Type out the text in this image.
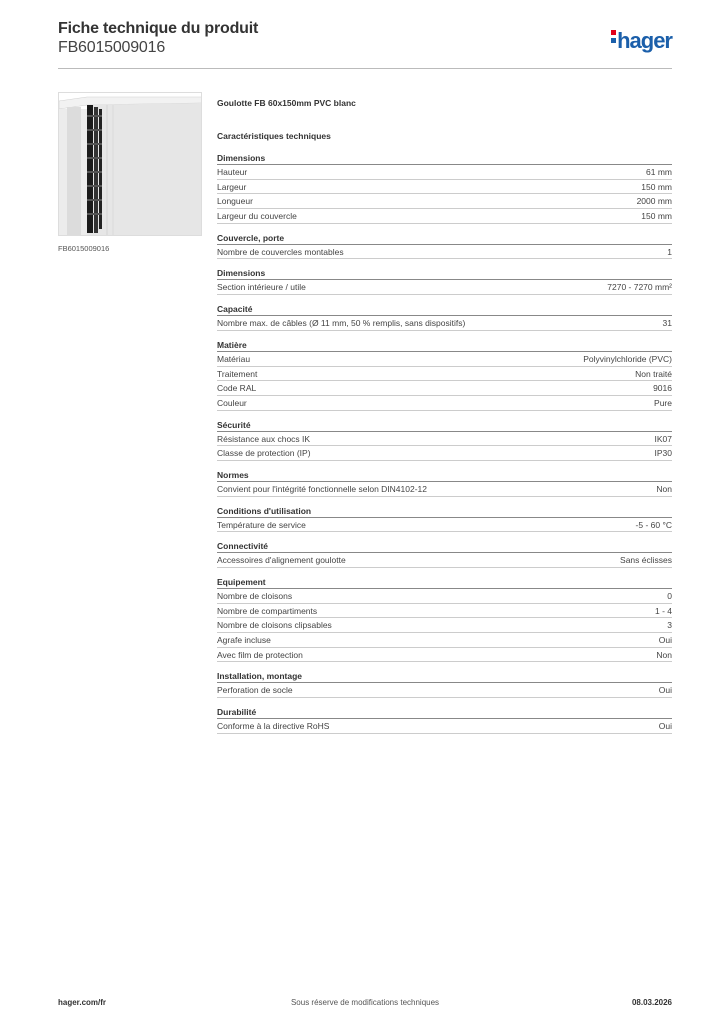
Fiche technique du produit
FB6015009016	hager
FB6015009016
Goulotte FB 60x150mm PVC blanc
Caractéristiques techniques
Dimensions
Hauteur	61 mm
Largeur	150 mm
Longueur	2000 mm
Largeur du couvercle	150 mm
Couvercle, porte
Nombre de couvercles montables	1
Dimensions
Section intérieure / utile	7270 - 7270 mm²
Capacité
Nombre max. de câbles (Ø 11 mm, 50 % remplis, sans dispositifs)	31
Matière
Matériau	Polyvinylchloride (PVC)
Traitement	Non traité
Code RAL	9016
Couleur	Pure
Sécurité
Résistance aux chocs IK	IK07
Classe de protection (IP)	IP30
Normes
Convient pour l'intégrité fonctionnelle selon DIN4102-12	Non
Conditions d'utilisation
Température de service	-5 - 60 °C
Connectivité
Accessoires d'alignement goulotte	Sans éclisses
Equipement
Nombre de cloisons	0
Nombre de compartiments	1 - 4
Nombre de cloisons clipsables	3
Agrafe incluse	Oui
Avec film de protection	Non
Installation, montage
Perforation de socle	Oui
Durabilité
Conforme à la directive RoHS	Oui
hager.com/fr	Sous réserve de modifications techniques	08.03.2026
